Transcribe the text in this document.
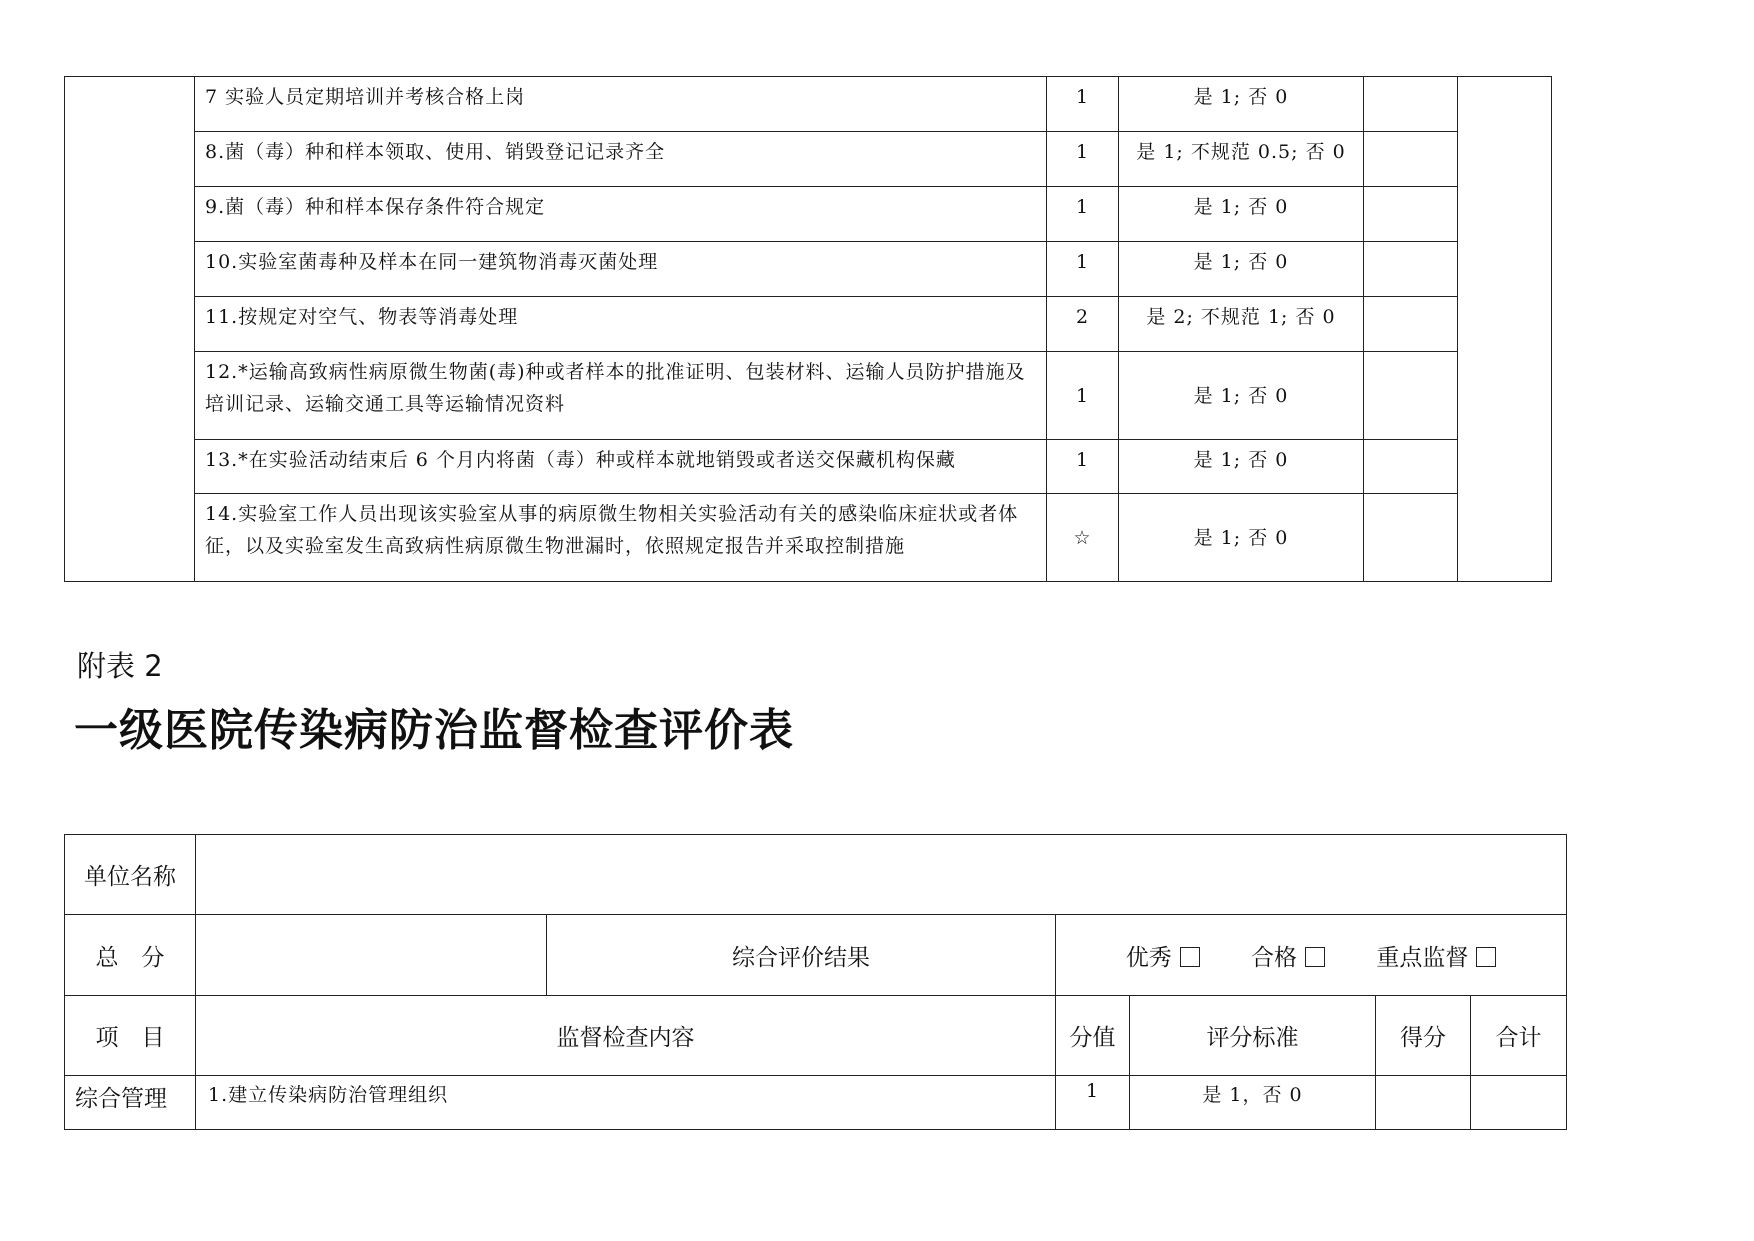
	7 实验人员定期培训并考核合格上岗	1	是 1; 否 0		
	8.菌（毒）种和样本领取、使用、销毁登记记录齐全	1	是 1; 不规范 0.5; 否 0		
	9.菌（毒）种和样本保存条件符合规定	1	是 1; 否 0		
	10.实验室菌毒种及样本在同一建筑物消毒灭菌处理	1	是 1; 否 0		
	11.按规定对空气、物表等消毒处理	2	是 2; 不规范 1; 否 0		
	12.*运输高致病性病原微生物菌(毒)种或者样本的批准证明、包装材料、运输人员防护措施及培训记录、运输交通工具等运输情况资料	1	是 1; 否 0		
	13.*在实验活动结束后 6 个月内将菌（毒）种或样本就地销毁或者送交保藏机构保藏	1	是 1; 否 0		
	14.实验室工作人员出现该实验室从事的病原微生物相关实验活动有关的感染临床症状或者体征，以及实验室发生高致病性病原微生物泄漏时，依照规定报告并采取控制措施	☆	是 1; 否 0		
附表 2
一级医院传染病防治监督检查评价表
单位名称						
总　分		综合评价结果	优秀 合格 重点监督			
项　目	监督检查内容		分值	评分标准	得分	合计
综合管理	1.建立传染病防治管理组织		1	是 1，否 0		
